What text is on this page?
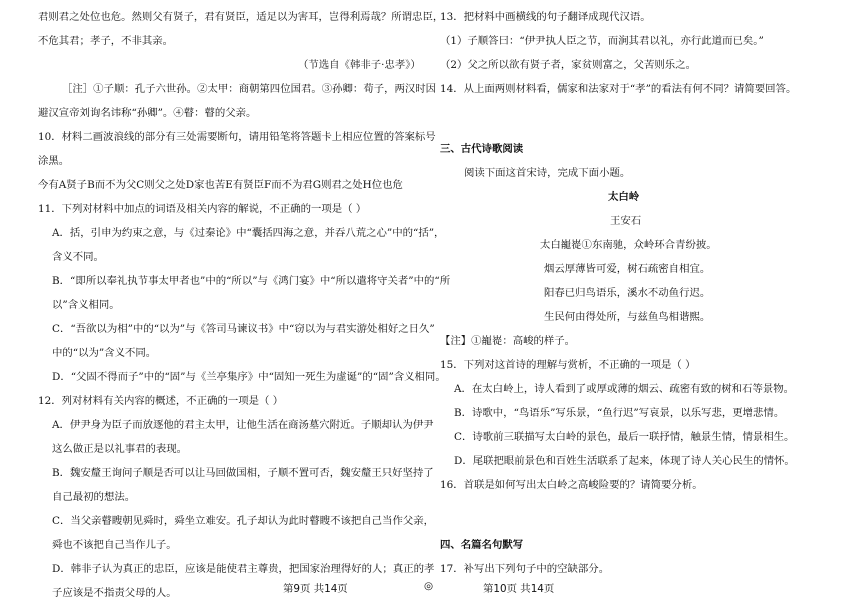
君则君之处位也危。然则父有贤子，君有贤臣，适足以为害耳，岂得利焉哉？所谓忠臣，
不危其君；孝子，不非其亲。
（节选自《韩非子·忠孝》）
［注］①子顺：孔子六世孙。②太甲：商朝第四位国君。③孙卿：荀子，两汉时因
避汉宣帝刘询名讳称“孙卿”。④瞽：瞽的父亲。
10．材料二画波浪线的部分有三处需要断句，请用铅笔将答题卡上相应位置的答案标号
涂黑。
今有A贤子B而不为父C则父之处D家也苦E有贤臣F而不为君G则君之处H位也危
11．下列对材料中加点的词语及相关内容的解说，不正确的一项是（ ）
A．括，引申为约束之意，与《过秦论》中“囊括四海之意，并吞八荒之心”中的“括”，
含义不同。
B．“即所以奉礼执节事太甲者也”中的“所以”与《鸿门宴》中“所以遣将守关者”中的“所
以”含义相同。
C．“吾欲以为相”中的“以为”与《答司马谏议书》中“窃以为与君实游处相好之日久”
中的“以为”含义不同。
D．“父固不得而子”中的“固”与《兰亭集序》中“固知一死生为虚诞”的“固”含义相同。
12．列对材料有关内容的概述，不正确的一项是（ ）
A．伊尹身为臣子而放逐他的君主太甲，让他生活在商汤墓穴附近。子顺却认为伊尹
这么做正是以礼事君的表现。
B．魏安釐王询问子顺是否可以让马回做国相，子顺不置可否，魏安釐王只好坚持了
自己最初的想法。
C．当父亲瞽瞍朝见舜时，舜坐立难安。孔子却认为此时瞽瞍不该把自己当作父亲，
舜也不该把自己当作儿子。
D．韩非子认为真正的忠臣，应该是能使君主尊贵，把国家治理得好的人；真正的孝
子应该是不指责父母的人。
13．把材料中画横线的句子翻译成现代汉语。
（1）子顺答曰：“伊尹执人臣之节，而涧其君以礼，亦行此道而已矣。”
（2）父之所以欲有贤子者，家贫则富之，父苦则乐之。
14．从上面两则材料看，儒家和法家对于“孝”的看法有何不同？请简要回答。
三、古代诗歌阅读
阅读下面这首宋诗，完成下面小题。
太白岭
王安石
太白巃嵸①东南驰，众岭环合青纷披。
烟云厚薄皆可爱，树石疏密自相宜。
阳春已归鸟语乐，溪水不动鱼行迟。
生民何由得处所，与兹鱼鸟相谐熙。
【注】①巃嵸：高峻的样子。
15．下列对这首诗的理解与赏析，不正确的一项是（ ）
A．在太白岭上，诗人看到了或厚或薄的烟云、疏密有致的树和石等景物。
B．诗歌中，“鸟语乐”写乐景，“鱼行迟”写哀景，以乐写悲，更增悲情。
C．诗歌前三联描写太白岭的景色，最后一联抒情，触景生情，情景相生。
D．尾联把眼前景色和百姓生活联系了起来，体现了诗人关心民生的情怀。
16．首联是如何写出太白岭之高峻险要的？请简要分析。
四、名篇名句默写
17．补写出下列句子中的空缺部分。
第9页 共14页	◎	第10页 共14页
